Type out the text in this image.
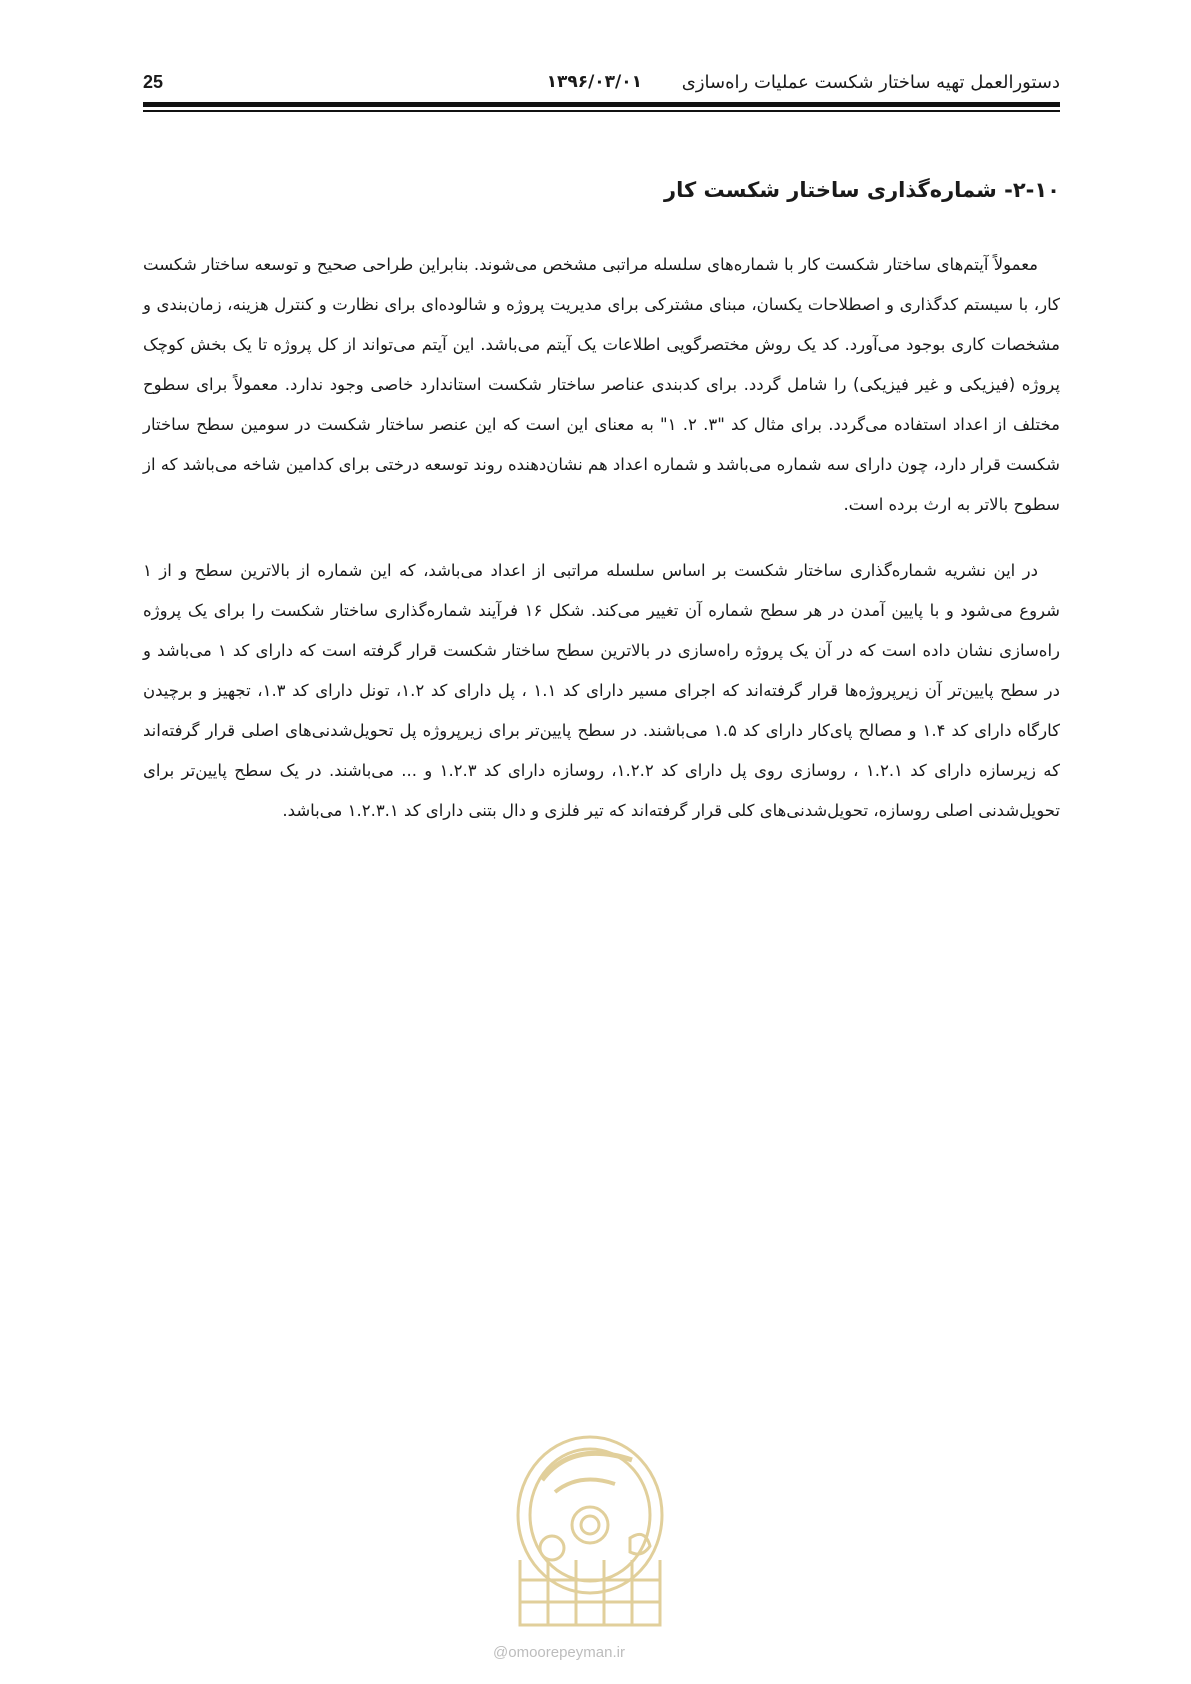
دستورالعمل تهیه ساختار شکست عملیات راه‌سازی
۱۳۹۶/۰۳/۰۱
25
۲-۱۰- شماره‌گذاری ساختار شکست کار

معمولاً آیتم‌های ساختار شکست کار با شماره‌های سلسله مراتبی مشخص می‌شوند. بنابراین طراحی صحیح و توسعه ساختار شکست کار، با سیستم کدگذاری و اصطلاحات یکسان، مبنای مشترکی برای مدیریت پروژه و شالوده‌ای برای نظارت و کنترل هزینه، زمان‌بندی و مشخصات کاری بوجود می‌آورد. کد یک روش مختصرگویی اطلاعات یک آیتم می‌باشد. این آیتم می‌تواند از کل پروژه تا یک بخش کوچک پروژه (فیزیکی و غیر فیزیکی) را شامل گردد. برای کدبندی عناصر ساختار شکست استاندارد خاصی وجود ندارد. معمولاً برای سطوح مختلف از اعداد استفاده می‌گردد. برای مثال کد "۳. ۲. ۱" به معنای این است که این عنصر ساختار شکست در سومین سطح ساختار شکست قرار دارد، چون دارای سه شماره می‌باشد و شماره اعداد هم نشان‌دهنده روند توسعه درختی برای کدامین شاخه می‌باشد که از سطوح بالاتر به ارث برده است.

در این نشریه شماره‌گذاری ساختار شکست بر اساس سلسله مراتبی از اعداد می‌باشد، که این شماره از بالاترین سطح و از ۱ شروع می‌شود و با پایین آمدن در هر سطح شماره آن تغییر می‌کند. شکل ۱۶ فرآیند شماره‌گذاری ساختار شکست را برای یک پروژه راه‌سازی نشان داده است که در آن یک پروژه راه‌سازی در بالاترین سطح ساختار شکست قرار گرفته است که دارای کد ۱ می‌باشد و در سطح پایین‌تر آن زیرپروژه‌ها قرار گرفته‌اند که اجرای مسیر دارای کد ۱.۱ ، پل دارای کد ۱.۲، تونل دارای کد ۱.۳، تجهیز و برچیدن کارگاه دارای کد ۱.۴ و مصالح پای‌کار دارای کد ۱.۵ می‌باشند. در سطح پایین‌تر برای زیرپروژه پل تحویل‌شدنی‌های اصلی قرار گرفته‌اند که زیرسازه دارای کد ۱.۲.۱ ، روسازی روی پل دارای کد ۱.۲.۲، روسازه دارای کد ۱.۲.۳ و ... می‌باشند. در یک سطح پایین‌تر برای تحویل‌شدنی اصلی روسازه، تحویل‌شدنی‌های کلی قرار گرفته‌اند که تیر فلزی و دال بتنی دارای کد ۱.۲.۳.۱ می‌باشد.

@omoorepeyman.ir
